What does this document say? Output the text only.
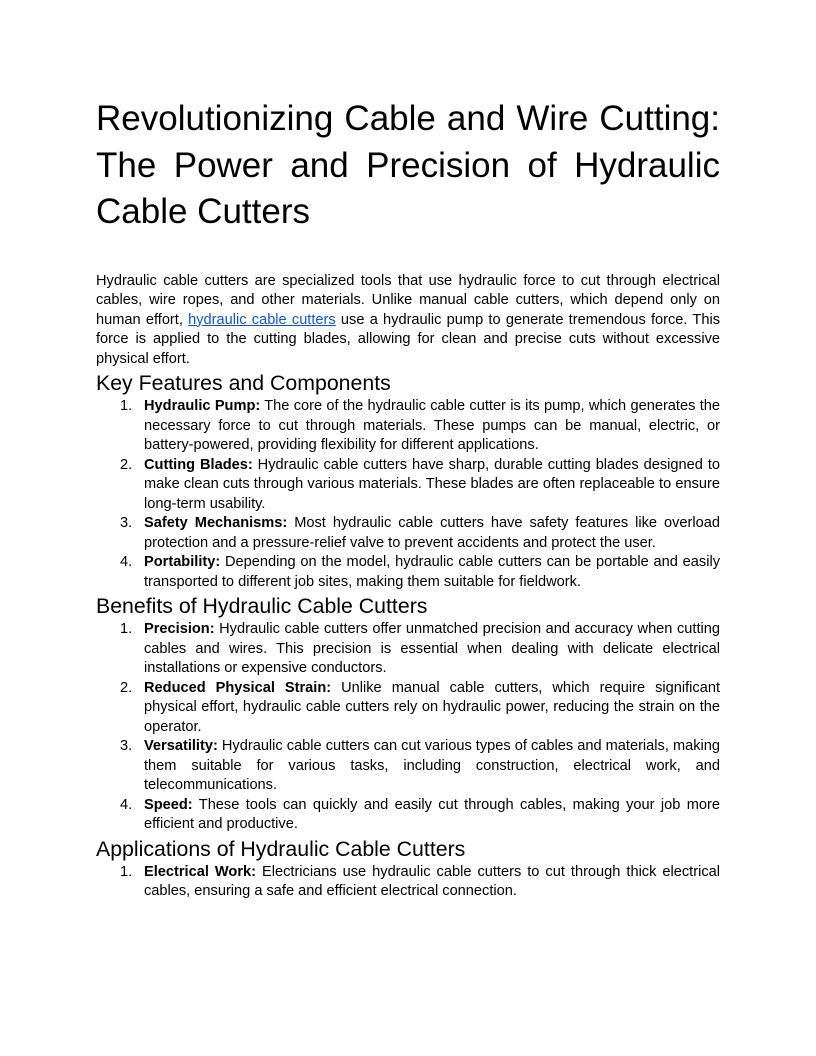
Revolutionizing Cable and Wire Cutting: The Power and Precision of Hydraulic Cable Cutters

Hydraulic cable cutters are specialized tools that use hydraulic force to cut through electrical cables, wire ropes, and other materials. Unlike manual cable cutters, which depend only on human effort, hydraulic cable cutters use a hydraulic pump to generate tremendous force. This force is applied to the cutting blades, allowing for clean and precise cuts without excessive physical effort.

Key Features and Components
1. Hydraulic Pump: The core of the hydraulic cable cutter is its pump, which generates the necessary force to cut through materials. These pumps can be manual, electric, or battery-powered, providing flexibility for different applications.
2. Cutting Blades: Hydraulic cable cutters have sharp, durable cutting blades designed to make clean cuts through various materials. These blades are often replaceable to ensure long-term usability.
3. Safety Mechanisms: Most hydraulic cable cutters have safety features like overload protection and a pressure-relief valve to prevent accidents and protect the user.
4. Portability: Depending on the model, hydraulic cable cutters can be portable and easily transported to different job sites, making them suitable for fieldwork.
Benefits of Hydraulic Cable Cutters
1. Precision: Hydraulic cable cutters offer unmatched precision and accuracy when cutting cables and wires. This precision is essential when dealing with delicate electrical installations or expensive conductors.
2. Reduced Physical Strain: Unlike manual cable cutters, which require significant physical effort, hydraulic cable cutters rely on hydraulic power, reducing the strain on the operator.
3. Versatility: Hydraulic cable cutters can cut various types of cables and materials, making them suitable for various tasks, including construction, electrical work, and telecommunications.
4. Speed: These tools can quickly and easily cut through cables, making your job more efficient and productive.
Applications of Hydraulic Cable Cutters
1. Electrical Work: Electricians use hydraulic cable cutters to cut through thick electrical cables, ensuring a safe and efficient electrical connection.
